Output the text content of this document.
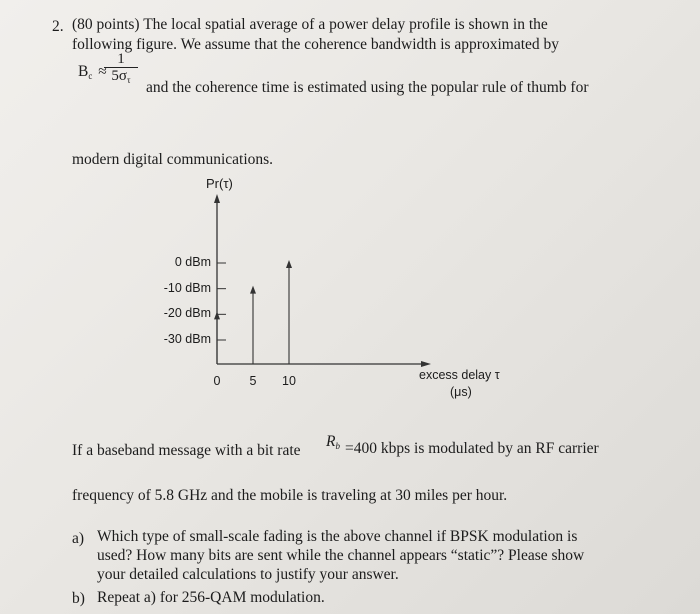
2. (80 points) The local spatial average of a power delay profile is shown in the
following figure. We assume that the coherence bandwidth is approximated by
$B_c$ ≈
$\frac{1}{5\sigma_\tau}$ and the coherence time is estimated using the popular rule of thumb for
modern digital communications.
Pr(τ)
0 dBm
-10 dBm
-20 dBm
-30 dBm
0	5	10	excess delay τ
(μs)
If a baseband message with a bit rate
$R_b =400$ kbps is modulated by an RF carrier
frequency of 5.8 GHz and the mobile is traveling at 30 miles per hour.
a) Which type of small-scale fading is the above channel if BPSK modulation is
used? How many bits are sent while the channel appears “static”? Please show
your detailed calculations to justify your answer.
b) Repeat a) for 256-QAM modulation.
